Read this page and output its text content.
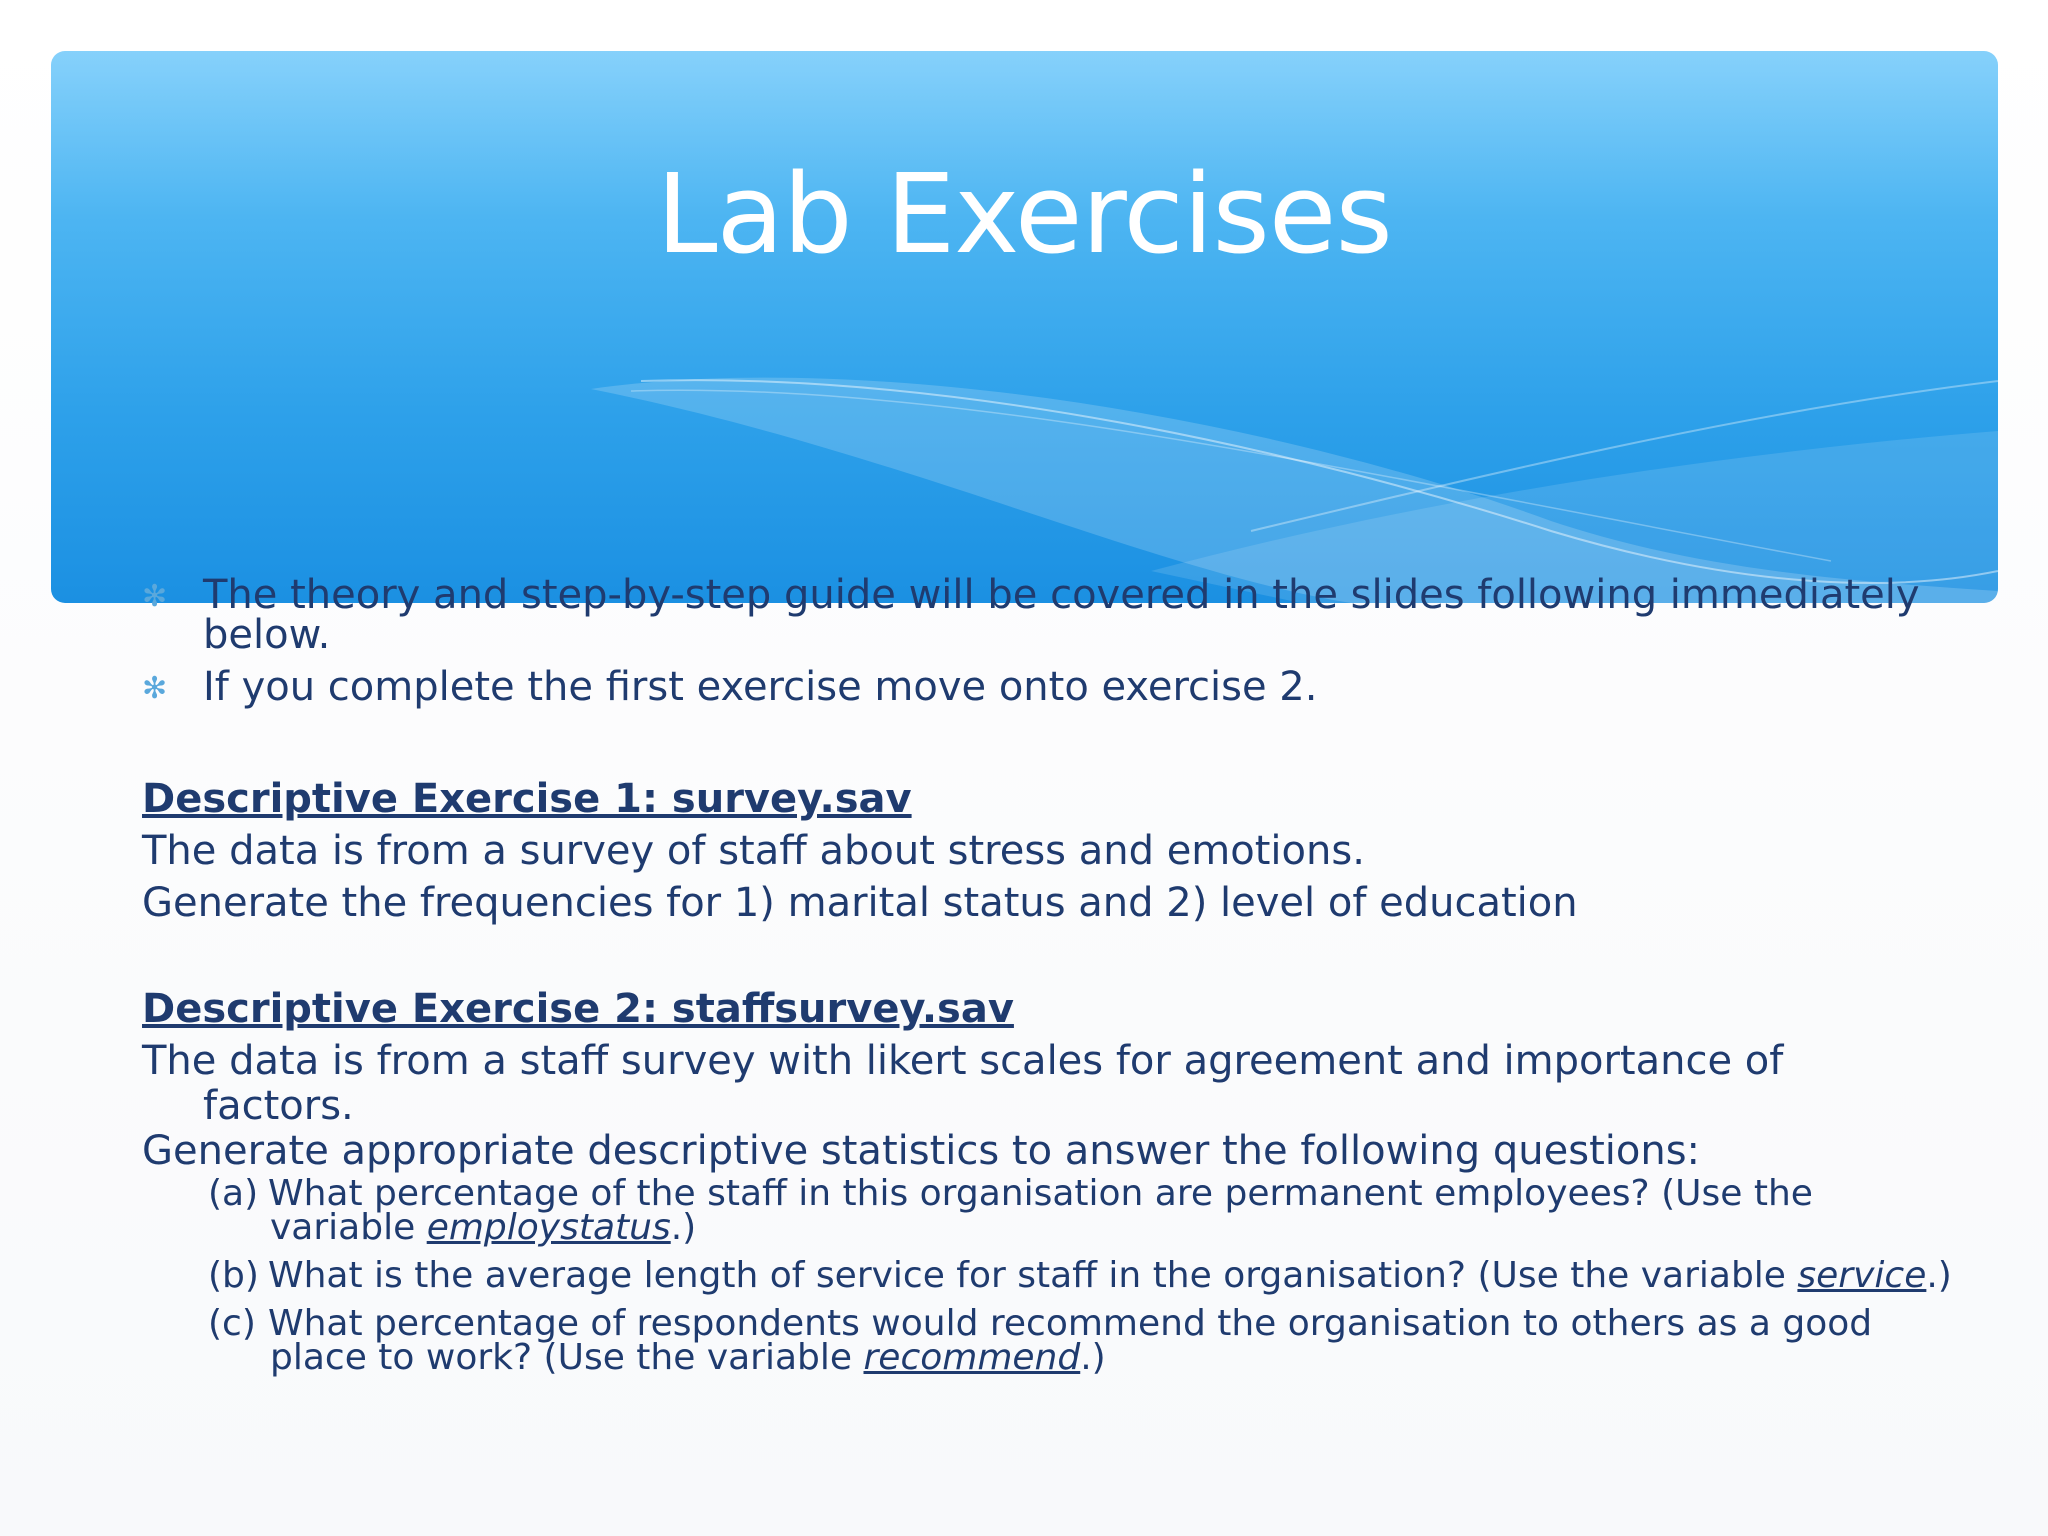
Lab Exercises
✻ The theory and step-by-step guide will be covered in the slides following immediately
below.
✻ If you complete the first exercise move onto exercise 2.
Descriptive Exercise 1: survey.sav
The data is from a survey of staff about stress and emotions.
Generate the frequencies for 1) marital status and 2) level of education
Descriptive Exercise 2: staffsurvey.sav
The data is from a staff survey with likert scales for agreement and importance of
factors.
Generate appropriate descriptive statistics to answer the following questions:
(a) What percentage of the staff in this organisation are permanent employees? (Use the
variable employstatus.)
(b) What is the average length of service for staff in the organisation? (Use the variable service.)
(c) What percentage of respondents would recommend the organisation to others as a good
place to work? (Use the variable recommend.)
